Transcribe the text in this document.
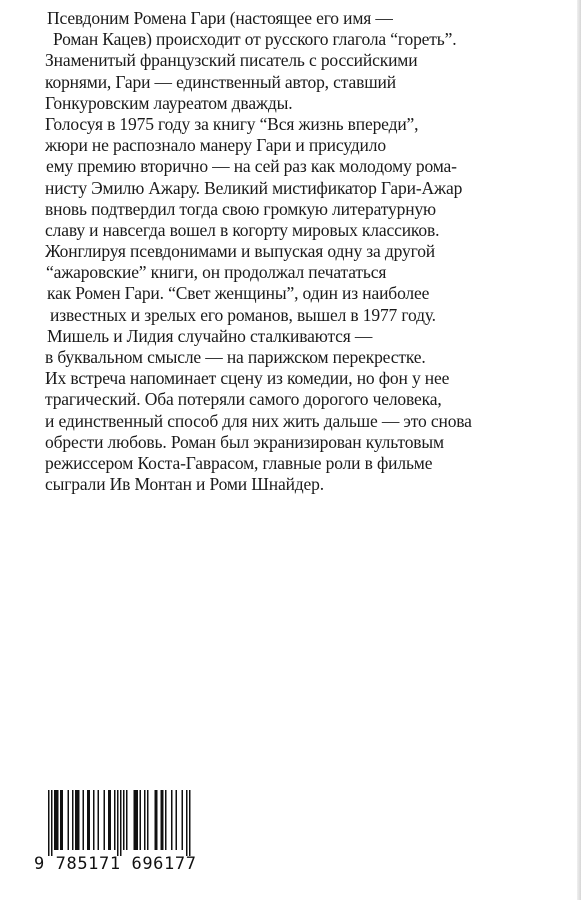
Псевдоним Ромена Гари (настоящее его имя —
Роман Кацев) происходит от русского глагола “гореть”.
Знаменитый французский писатель с российскими
корнями, Гари — единственный автор, ставший
Гонкуровским лауреатом дважды.
Голосуя в 1975 году за книгу “Вся жизнь впереди”,
жюри не распознало манеру Гари и присудило
ему премию вторично — на сей раз как молодому рома-
нисту Эмилю Ажару. Великий мистификатор Гари-Ажар
вновь подтвердил тогда свою громкую литературную
славу и навсегда вошел в когорту мировых классиков.
Жонглируя псевдонимами и выпуская одну за другой
“ажаровские” книги, он продолжал печататься
как Ромен Гари. “Свет женщины”, один из наиболее
известных и зрелых его романов, вышел в 1977 году.
Мишель и Лидия случайно сталкиваются —
в буквальном смысле — на парижском перекрестке.
Их встреча напоминает сцену из комедии, но фон у нее
трагический. Оба потеряли самого дорогого человека,
и единственный способ для них жить дальше — это снова
обрести любовь. Роман был экранизирован культовым
режиссером Коста-Гаврасом, главные роли в фильме
сыграли Ив Монтан и Роми Шнайдер.
9 785171 696177
